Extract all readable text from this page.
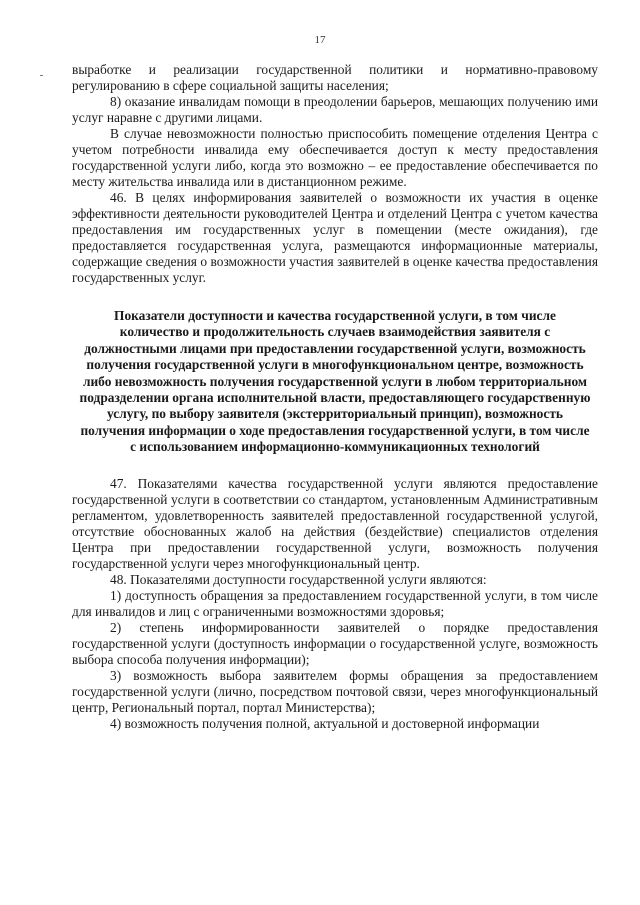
17

выработке и реализации государственной политики и нормативно-правовому регулированию в сфере социальной защиты населения;

8) оказание инвалидам помощи в преодолении барьеров, мешающих получению ими услуг наравне с другими лицами.

В случае невозможности полностью приспособить помещение отделения Центра с учетом потребности инвалида ему обеспечивается доступ к месту предоставления государственной услуги либо, когда это возможно – ее предоставление обеспечивается по месту жительства инвалида или в дистанционном режиме.

46. В целях информирования заявителей о возможности их участия в оценке эффективности деятельности руководителей Центра и отделений Центра с учетом качества предоставления им государственных услуг в помещении (месте ожидания), где предоставляется государственная услуга, размещаются информационные материалы, содержащие сведения о возможности участия заявителей в оценке качества предоставления государственных услуг.

Показатели доступности и качества государственной услуги, в том числе количество и продолжительность случаев взаимодействия заявителя с должностными лицами при предоставлении государственной услуги, возможность получения государственной услуги в многофункциональном центре, возможность либо невозможность получения государственной услуги в любом территориальном подразделении органа исполнительной власти, предоставляющего государственную услугу, по выбору заявителя (экстерриториальный принцип), возможность получения информации о ходе предоставления государственной услуги, в том числе с использованием информационно-коммуникационных технологий

47. Показателями качества государственной услуги являются предоставление государственной услуги в соответствии со стандартом, установленным Административным регламентом, удовлетворенность заявителей предоставленной государственной услугой, отсутствие обоснованных жалоб на действия (бездействие) специалистов отделения Центра при предоставлении государственной услуги, возможность получения государственной услуги через многофункциональный центр.

48. Показателями доступности государственной услуги являются:

1) доступность обращения за предоставлением государственной услуги, в том числе для инвалидов и лиц с ограниченными возможностями здоровья;

2) степень информированности заявителей о порядке предоставления государственной услуги (доступность информации о государственной услуге, возможность выбора способа получения информации);

3) возможность выбора заявителем формы обращения за предоставлением государственной услуги (лично, посредством почтовой связи, через многофункциональный центр, Региональный портал, портал Министерства);

4) возможность получения полной, актуальной и достоверной информации
